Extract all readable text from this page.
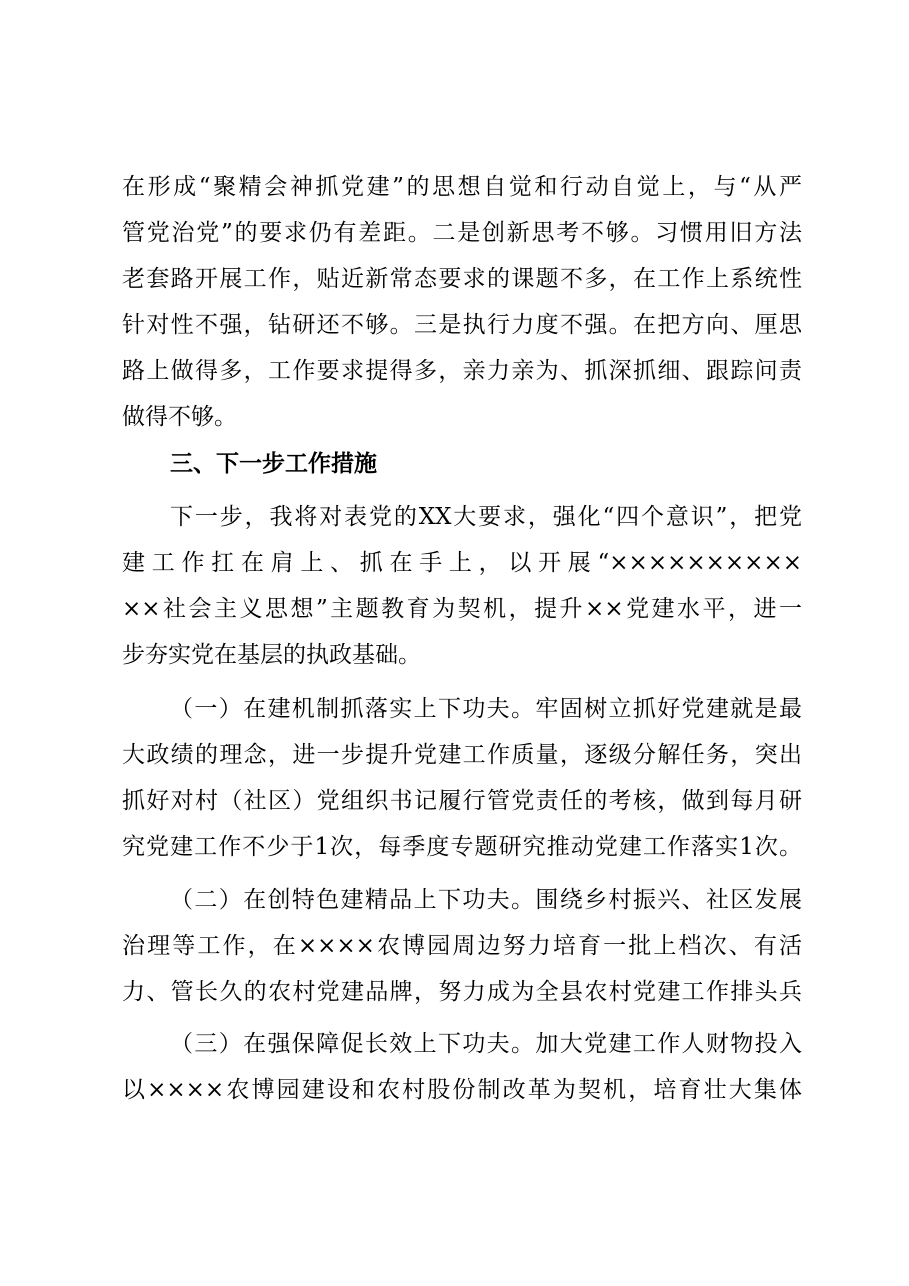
在形成“聚精会神抓党建”的思想自觉和行动自觉上，与“从严
管党治党”的要求仍有差距。二是创新思考不够。习惯用旧方法
老套路开展工作，贴近新常态要求的课题不多，在工作上系统性
针对性不强，钻研还不够。三是执行力度不强。在把方向、厘思
路上做得多，工作要求提得多，亲力亲为、抓深抓细、跟踪问责
做得不够。
三、下一步工作措施
下一步，我将对表党的XX大要求，强化“四个意识”，把党
建工作扛在肩上、抓在手上，以开展“××××××××××
××社会主义思想”主题教育为契机，提升××党建水平，进一
步夯实党在基层的执政基础。
（一）在建机制抓落实上下功夫。牢固树立抓好党建就是最
大政绩的理念，进一步提升党建工作质量，逐级分解任务，突出
抓好对村（社区）党组织书记履行管党责任的考核，做到每月研
究党建工作不少于1次，每季度专题研究推动党建工作落实1次。
（二）在创特色建精品上下功夫。围绕乡村振兴、社区发展
治理等工作，在××××农博园周边努力培育一批上档次、有活
力、管长久的农村党建品牌，努力成为全县农村党建工作排头兵
（三）在强保障促长效上下功夫。加大党建工作人财物投入
以××××农博园建设和农村股份制改革为契机，培育壮大集体
